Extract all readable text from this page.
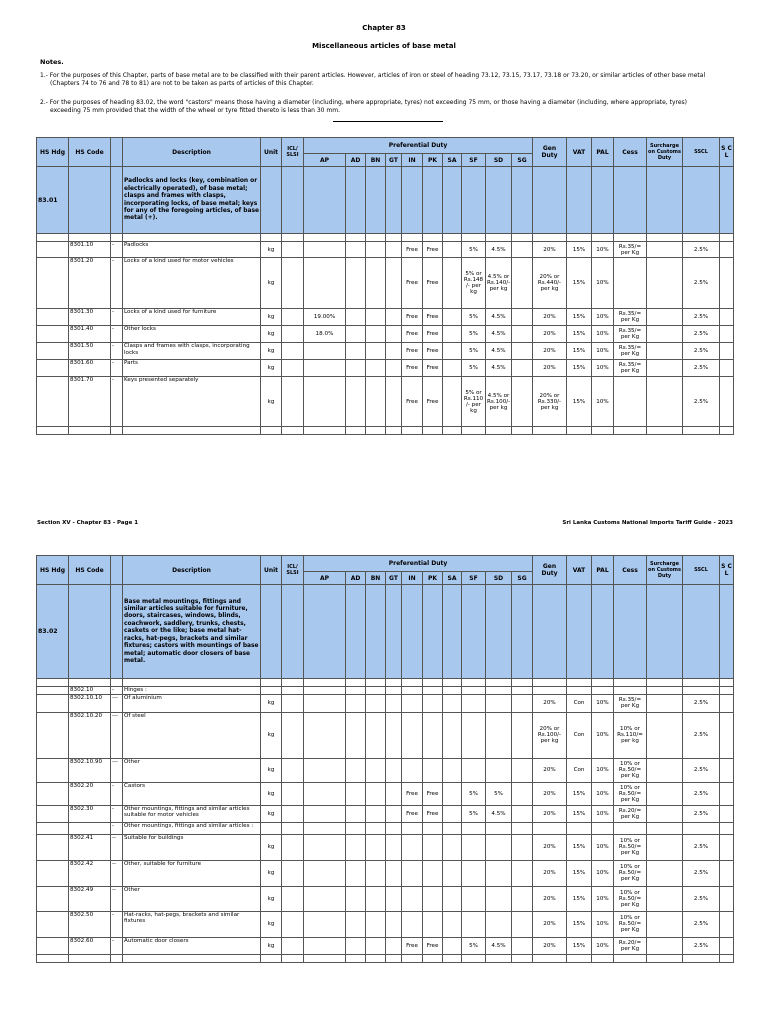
Chapter 83
Miscellaneous articles of base metal
Notes.
1.- For the purposes of this Chapter, parts of base metal are to be classified with their parent articles. However, articles of iron or steel of heading 73.12, 73.15, 73.17, 73.18 or 73.20, or similar articles of other base metal

(Chapters 74 to 76 and 78 to 81) are not to be taken as parts of articles of this Chapter.
2.- For the purposes of heading 83.02, the word "castors" means those having a diameter (including, where appropriate, tyres) not exceeding 75 mm, or those having a diameter (including, where appropriate, tyres)

exceeding 75 mm provided that the width of the wheel or tyre fitted thereto is less than 30 mm.
HS Hdg	HS Code		Description	Unit	ICL/ SLSI	Preferential Duty										Gen Duty	VAT	PAL	Cess	Surcharge on Customs Duty	SSCL	S C L
						AP	AD	BN	GT	IN	PK	SA	SF	SD	SG							
83.01			Padlocks and locks (key, combination or electrically operated), of base metal; clasps and frames with clasps, incorporating locks, of base metal; keys for any of the foregoing articles, of base metal (+).																			

	8301.10	-	Padlocks	kg						Free	Free		5%	4.5%		20%	15%	10%	Rs.35/= per Kg		2.5%	
	8301.20	-	Locks of a kind used for motor vehicles	kg						Free	Free		5% or Rs.148 /- per kg	4.5% or Rs.140/- per kg		20% or Rs.440/- per kg	15%	10%			2.5%	
	8301.30	-	Locks of a kind used for furniture	kg		19.00%				Free	Free		5%	4.5%		20%	15%	10%	Rs.35/= per Kg		2.5%	
	8301.40	-	Other locks	kg		18.0%				Free	Free		5%	4.5%		20%	15%	10%	Rs.35/= per Kg		2.5%	
	8301.50	-	Clasps and frames with clasps, incorporating locks	kg						Free	Free		5%	4.5%		20%	15%	10%	Rs.35/= per Kg		2.5%	
	8301.60	-	Parts	kg						Free	Free		5%	4.5%		20%	15%	10%	Rs.35/= per Kg		2.5%	
	8301.70	-	Keys presented separately	kg						Free	Free		5% or Rs.110 /- per kg	4.5% or Rs.100/- per kg		20% or Rs.330/- per kg	15%	10%			2.5%	

Section XV - Chapter 83 - Page 1	Sri Lanka Customs National Imports Tariff Guide - 2023
HS Hdg	HS Code		Description	Unit	ICL/ SLSI	Preferential Duty										Gen Duty	VAT	PAL	Cess	Surcharge on Customs Duty	SSCL	S C L
						AP	AD	BN	GT	IN	PK	SA	SF	SD	SG							
83.02			Base metal mountings, fittings and similar articles suitable for furniture, doors, staircases, windows, blinds, coachwork, saddlery, trunks, chests, caskets or the like; base metal hat-racks, hat-pegs, brackets and similar fixtures; castors with mountings of base metal; automatic door closers of base metal.																			

	8302.10	-	Hinges :																			
	8302.10.10	---	Of aluminium	kg												20%	Con	10%	Rs.35/= per Kg		2.5%	
	8302.10.20	---	Of steel	kg												20% or Rs.100/- per kg	Con	10%	10% or Rs.110/= per kg		2.5%	
	8302.10.90	---	Other	kg												20%	Con	10%	10% or Rs.50/= per Kg		2.5%	
	8302.20	-	Castors	kg						Free	Free		5%	5%		20%	15%	10%	10% or Rs.50/= per Kg		2.5%	
	8302.30	-	Other mountings, fittings and similar articles suitable for motor vehicles	kg						Free	Free		5%	4.5%		20%	15%	10%	Rs.20/= per Kg		2.5%	
		-	Other mountings, fittings and similar articles :																			
	8302.41	--	Suitable for buildings	kg												20%	15%	10%	10% or Rs.50/= per Kg		2.5%	
	8302.42	--	Other, suitable for furniture	kg												20%	15%	10%	10% or Rs.50/= per Kg		2.5%	
	8302.49	--	Other	kg												20%	15%	10%	10% or Rs.50/= per Kg		2.5%	
	8302.50	-	Hat-racks, hat-pegs, brackets and similar fixtures	kg												20%	15%	10%	10% or Rs.50/= per Kg		2.5%	
	8302.60	-	Automatic door closers	kg						Free	Free		5%	4.5%		20%	15%	10%	Rs.20/= per Kg		2.5%	
